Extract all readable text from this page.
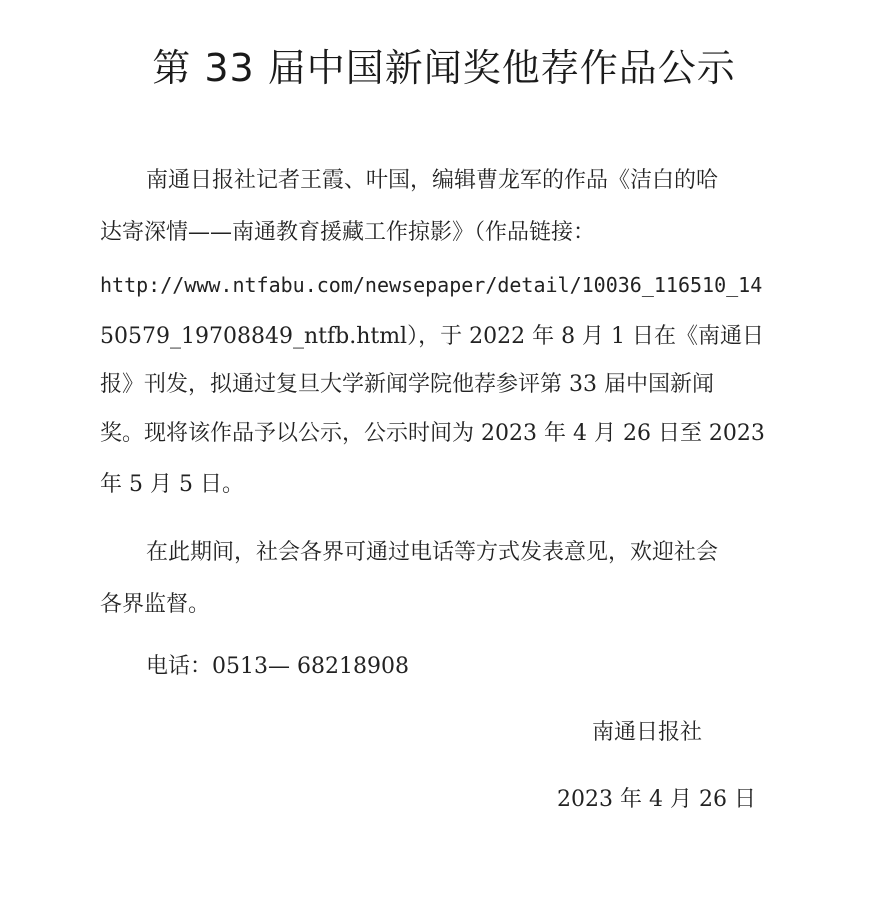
第 33 届中国新闻奖他荐作品公示
南通日报社记者王霞、叶国，编辑曹龙军的作品《洁白的哈
达寄深情——南通教育援藏工作掠影》（作品链接：
http://www.ntfabu.com/newsepaper/detail/10036_116510_14
50579_19708849_ntfb.html），于 2022 年 8 月 1 日在《南通日
报》刊发，拟通过复旦大学新闻学院他荐参评第 33 届中国新闻
奖。现将该作品予以公示，公示时间为 2023 年 4 月 26 日至 2023
年 5 月 5 日。
在此期间，社会各界可通过电话等方式发表意见，欢迎社会
各界监督。
电话：0513— 68218908
南通日报社
2023 年 4 月 26 日
